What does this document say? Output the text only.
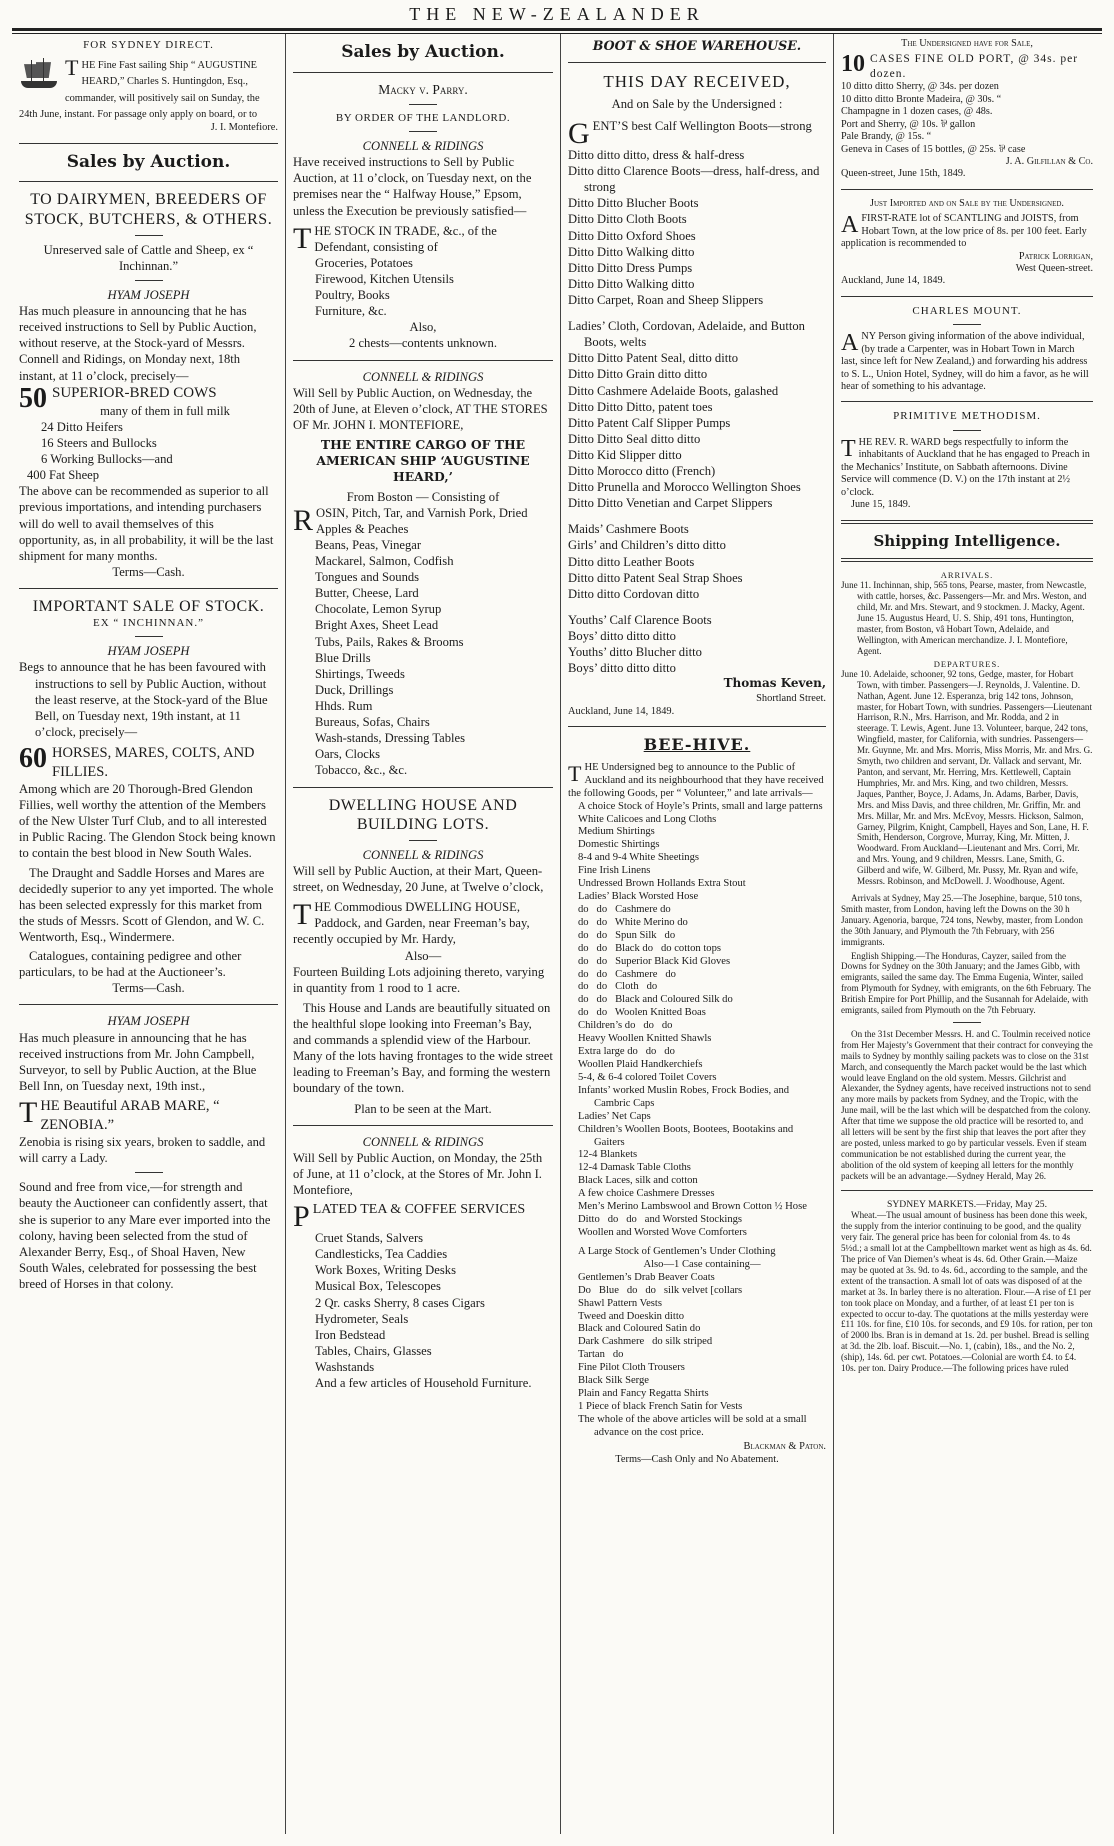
THE NEW-ZEALANDER

FOR SYDNEY DIRECT.

T HE Fine Fast sailing Ship “ AUGUSTINE HEARD,” Charles S. Huntingdon, Esq., commander, will positively sail on Sunday, the 24th June, instant. For passage only apply on board, or to

J. I. Montefiore.

Sales by Auction.

TO DAIRYMEN, BREEDERS OF STOCK, BUTCHERS, & OTHERS.

Unreserved sale of Cattle and Sheep, ex “ Inchinnan.”

HYAM JOSEPH

Has much pleasure in announcing that he has received instructions to Sell by Public Auction, without reserve, at the Stock-yard of Messrs. Connell and Ridings, on Monday next, 18th instant, at 11 o’clock, precisely—

50 SUPERIOR-BRED COWS

many of them in full milk

24 Ditto Heifers

16 Steers and Bullocks

6 Working Bullocks—and

400 Fat Sheep

The above can be recommended as superior to all previous importations, and intending purchasers will do well to avail themselves of this opportunity, as, in all probability, it will be the last shipment for many months.

Terms—Cash.

IMPORTANT SALE OF STOCK.

EX “ INCHINNAN.”

HYAM JOSEPH

Begs to announce that he has been favoured with instructions to sell by Public Auction, without the least reserve, at the Stock-yard of the Blue Bell, on Tuesday next, 19th instant, at 11 o’clock, precisely—

60 HORSES, MARES, COLTS, AND FILLIES.

Among which are 20 Thorough-Bred Glendon Fillies, well worthy the attention of the Members of the New Ulster Turf Club, and to all interested in Public Racing. The Glendon Stock being known to contain the best blood in New South Wales.

The Draught and Saddle Horses and Mares are decidedly superior to any yet imported. The whole has been selected expressly for this market from the studs of Messrs. Scott of Glendon, and W. C. Wentworth, Esq., Windermere.

Catalogues, containing pedigree and other particulars, to be had at the Auctioneer’s.

Terms—Cash.

HYAM JOSEPH

Has much pleasure in announcing that he has received instructions from Mr. John Campbell, Surveyor, to sell by Public Auction, at the Blue Bell Inn, on Tuesday next, 19th inst.,

T HE Beautiful ARAB MARE, “ ZENOBIA.”

Zenobia is rising six years, broken to saddle, and will carry a Lady.

Sound and free from vice,—for strength and beauty the Auctioneer can confidently assert, that she is superior to any Mare ever imported into the colony, having been selected from the stud of Alexander Berry, Esq., of Shoal Haven, New South Wales, celebrated for possessing the best breed of Horses in that colony.

Sales by Auction.

Macky v. Parry.

BY ORDER OF THE LANDLORD.

CONNELL & RIDINGS

Have received instructions to Sell by Public Auction, at 11 o’clock, on Tuesday next, on the premises near the “ Halfway House,” Epsom, unless the Execution be previously satisfied—

T HE STOCK IN TRADE, &c., of the Defendant, consisting of

Groceries, Potatoes

Firewood, Kitchen Utensils

Poultry, Books

Furniture, &c.

Also,

2 chests—contents unknown.

CONNELL & RIDINGS

Will Sell by Public Auction, on Wednesday, the 20th of June, at Eleven o’clock, AT THE STORES OF Mr. JOHN I. MONTEFIORE,

THE ENTIRE CARGO OF THE AMERICAN SHIP ‘AUGUSTINE HEARD,’

From Boston — Consisting of

R OSIN, Pitch, Tar, and Varnish Pork, Dried Apples & Peaches

Beans, Peas, Vinegar

Mackarel, Salmon, Codfish

Tongues and Sounds

Butter, Cheese, Lard

Chocolate, Lemon Syrup

Bright Axes, Sheet Lead

Tubs, Pails, Rakes & Brooms

Blue Drills

Shirtings, Tweeds

Duck, Drillings

Hhds. Rum

Bureaus, Sofas, Chairs

Wash-stands, Dressing Tables

Oars, Clocks

Tobacco, &c., &c.

DWELLING HOUSE AND BUILDING LOTS.

CONNELL & RIDINGS

Will sell by Public Auction, at their Mart, Queen-street, on Wednesday, 20 June, at Twelve o’clock,

T HE Commodious DWELLING HOUSE, Paddock, and Garden, near Freeman’s bay, recently occupied by Mr. Hardy,

Also—

Fourteen Building Lots adjoining thereto, varying in quantity from 1 rood to 1 acre.

This House and Lands are beautifully situated on the healthful slope looking into Freeman’s Bay, and commands a splendid view of the Harbour. Many of the lots having frontages to the wide street leading to Freeman’s Bay, and forming the western boundary of the town.

Plan to be seen at the Mart.

CONNELL & RIDINGS

Will Sell by Public Auction, on Monday, the 25th of June, at 11 o’clock, at the Stores of Mr. John I. Montefiore,

P LATED TEA & COFFEE SERVICES

Cruet Stands, Salvers

Candlesticks, Tea Caddies

Work Boxes, Writing Desks

Musical Box, Telescopes

2 Qr. casks Sherry, 8 cases Cigars

Hydrometer, Seals

Iron Bedstead

Tables, Chairs, Glasses

Washstands

And a few articles of Household Furniture.

BOOT & SHOE WAREHOUSE.

THIS DAY RECEIVED,

And on Sale by the Undersigned :

G ENT’S best Calf Wellington Boots—strong

Ditto ditto ditto, dress & half-dress

Ditto ditto Clarence Boots—dress, half-dress, and strong

Ditto Ditto Blucher Boots

Ditto Ditto Cloth Boots

Ditto Ditto Oxford Shoes

Ditto Ditto Walking ditto

Ditto Ditto Dress Pumps

Ditto Ditto Walking ditto

Ditto Carpet, Roan and Sheep Slippers

Ladies’ Cloth, Cordovan, Adelaide, and Button Boots, welts

Ditto Ditto Patent Seal, ditto ditto

Ditto Ditto Grain ditto ditto

Ditto Cashmere Adelaide Boots, galashed

Ditto Ditto Ditto, patent toes

Ditto Patent Calf Slipper Pumps

Ditto Ditto Seal ditto ditto

Ditto Kid Slipper ditto

Ditto Morocco ditto (French)

Ditto Prunella and Morocco Wellington Shoes

Ditto Ditto Venetian and Carpet Slippers

Maids’ Cashmere Boots

Girls’ and Children’s ditto ditto

Ditto ditto Leather Boots

Ditto ditto Patent Seal Strap Shoes

Ditto ditto Cordovan ditto

Youths’ Calf Clarence Boots

Boys’ ditto ditto ditto

Youths’ ditto Blucher ditto

Boys’ ditto ditto ditto

Thomas Keven,

Shortland Street.

Auckland, June 14, 1849.

BEE-HIVE.

T HE Undersigned beg to announce to the Public of Auckland and its neighbourhood that they have received the following Goods, per “ Volunteer,” and late arrivals—

A choice Stock of Hoyle’s Prints, small and large patterns

White Calicoes and Long Cloths

Medium Shirtings

Domestic Shirtings

8-4 and 9-4 White Sheetings

Fine Irish Linens

Undressed Brown Hollands Extra Stout

Ladies’ Black Worsted Hose

do   do   Cashmere do

do   do   White Merino do

do   do   Spun Silk   do

do   do   Black do   do cotton tops

do   do   Superior Black Kid Gloves

do   do   Cashmere   do

do   do   Cloth   do

do   do   Black and Coloured Silk do

do   do   Woolen Knitted Boas

Children’s do   do   do

Heavy Woollen Knitted Shawls

Extra large do   do   do

Woollen Plaid Handkerchiefs

5-4, & 6-4 colored Toilet Covers

Infants’ worked Muslin Robes, Frock Bodies, and Cambric Caps

Ladies’ Net Caps

Children’s Woollen Boots, Bootees, Bootakins and Gaiters

12-4 Blankets

12-4 Damask Table Cloths

Black Laces, silk and cotton

A few choice Cashmere Dresses

Men’s Merino Lambswool and Brown Cotton ½ Hose

Ditto   do   do   and Worsted Stockings

Woollen and Worsted Wove Comforters

A Large Stock of Gentlemen’s Under Clothing

Also—1 Case containing—

Gentlemen’s Drab Beaver Coats

Do   Blue   do   do   silk velvet [collars

Shawl Pattern Vests

Tweed and Doeskin ditto

Black and Coloured Satin do

Dark Cashmere   do silk striped

Tartan   do

Fine Pilot Cloth Trousers

Black Silk Serge

Plain and Fancy Regatta Shirts

1 Piece of black French Satin for Vests

The whole of the above articles will be sold at a small advance on the cost price.

Blackman & Paton.

Terms—Cash Only and No Abatement.

The Undersigned have for Sale,

10 CASES FINE OLD PORT, @ 34s. per dozen.

10 ditto ditto Sherry, @ 34s. per dozen

10 ditto ditto Bronte Madeira, @ 30s. “

Champagne in 1 dozen cases, @ 48s.

Port and Sherry, @ 10s. ⅌ gallon

Pale Brandy, @ 15s. “

Geneva in Cases of 15 bottles, @ 25s. ⅌ case

J. A. Gilfillan & Co.

Queen-street, June 15th, 1849.

Just Imported and on Sale by the Undersigned.

A FIRST-RATE lot of SCANTLING and JOISTS, from Hobart Town, at the low price of 8s. per 100 feet. Early application is recommended to

Patrick Lorrigan,

West Queen-street.

Auckland, June 14, 1849.

CHARLES MOUNT.

A NY Person giving information of the above individual, (by trade a Carpenter, was in Hobart Town in March last, since left for New Zealand,) and forwarding his address to S. L., Union Hotel, Sydney, will do him a favor, as he will hear of something to his advantage.

PRIMITIVE METHODISM.

T HE REV. R. WARD begs respectfully to inform the inhabitants of Auckland that he has engaged to Preach in the Mechanics’ Institute, on Sabbath afternoons. Divine Service will commence (D. V.) on the 17th instant at 2½ o’clock.

June 15, 1849.

Shipping Intelligence.

ARRIVALS.

June 11. Inchinnan, ship, 565 tons, Pearse, master, from Newcastle, with cattle, horses, &c. Passengers—Mr. and Mrs. Weston, and child, Mr. and Mrs. Stewart, and 9 stockmen. J. Macky, Agent. June 15. Augustus Heard, U. S. Ship, 491 tons, Huntington, master, from Boston, vâ Hobart Town, Adelaide, and Wellington, with American merchandize. J. I. Montefiore, Agent.

DEPARTURES.

June 10. Adelaide, schooner, 92 tons, Gedge, master, for Hobart Town, with timber. Passengers—J. Reynolds, J. Valentine. D. Nathan, Agent. June 12. Esperanza, brig 142 tons, Johnson, master, for Hobart Town, with sundries. Passengers—Lieutenant Harrison, R.N., Mrs. Harrison, and Mr. Rodda, and 2 in steerage. T. Lewis, Agent. June 13. Volunteer, barque, 242 tons, Wingfield, master, for California, with sundries. Passengers—Mr. Guynne, Mr. and Mrs. Morris, Miss Morris, Mr. and Mrs. G. Smyth, two children and servant, Dr. Vallack and servant, Mr. Panton, and servant, Mr. Herring, Mrs. Kettlewell, Captain Humphries, Mr. and Mrs. King, and two children, Messrs. Jaques, Panther, Boyce, J. Adams, Jn. Adams, Barber, Davis, Mrs. and Miss Davis, and three children, Mr. Griffin, Mr. and Mrs. Millar, Mr. and Mrs. McEvoy, Messrs. Hickson, Salmon, Garney, Pilgrim, Knight, Campbell, Hayes and Son, Lane, H. F. Smith, Henderson, Corgrove, Murray, King, Mr. Mitten, J. Woodward. From Auckland—Lieutenant and Mrs. Corri, Mr. and Mrs. Young, and 9 children, Messrs. Lane, Smith, G. Gilberd and wife, W. Gilberd, Mr. Pussy, Mr. Ryan and wife, Messrs. Robinson, and McDowell. J. Woodhouse, Agent.

Arrivals at Sydney, May 25.—The Josephine, barque, 510 tons, Smith master, from London, having left the Downs on the 30 h January. Agenoria, barque, 724 tons, Newby, master, from London the 30th January, and Plymouth the 7th February, with 256 immigrants.

English Shipping.—The Honduras, Cayzer, sailed from the Downs for Sydney on the 30th January; and the James Gibb, with emigrants, sailed the same day. The Emma Eugenia, Winter, sailed from Plymouth for Sydney, with emigrants, on the 6th February. The British Empire for Port Phillip, and the Susannah for Adelaide, with emigrants, sailed from Plymouth on the 7th February.

On the 31st December Messrs. H. and C. Toulmin received notice from Her Majesty’s Government that their contract for conveying the mails to Sydney by monthly sailing packets was to close on the 31st March, and consequently the March packet would be the last which would leave England on the old system. Messrs. Gilchrist and Alexander, the Sydney agents, have received instructions not to send any more mails by packets from Sydney, and the Tropic, with the June mail, will be the last which will be despatched from the colony. After that time we suppose the old practice will be resorted to, and all letters will be sent by the first ship that leaves the port after they are posted, unless marked to go by particular vessels. Even if steam communication be not established during the current year, the abolition of the old system of keeping all letters for the monthly packets will be an advantage.—Sydney Herald, May 26.

SYDNEY MARKETS.—Friday, May 25.

Wheat.—The usual amount of business has been done this week, the supply from the interior continuing to be good, and the quality very fair. The general price has been for colonial from 4s. to 4s 5½d.; a small lot at the Campbelltown market went as high as 4s. 6d. The price of Van Diemen’s wheat is 4s. 6d. Other Grain.—Maize may be quoted at 3s. 9d. to 4s. 6d., according to the sample, and the extent of the transaction. A small lot of oats was disposed of at the market at 3s. In barley there is no alteration. Flour.—A rise of £1 per ton took place on Monday, and a further, of at least £1 per ton is expected to occur to-day. The quotations at the mills yesterday were £11 10s. for fine, £10 10s. for seconds, and £9 10s. for ration, per ton of 2000 lbs. Bran is in demand at 1s. 2d. per bushel. Bread is selling at 3d. the 2lb. loaf. Biscuit.—No. 1, (cabin), 18s., and the No. 2, (ship), 14s. 6d. per cwt. Potatoes.—Colonial are worth £4. to £4. 10s. per ton. Dairy Produce.—The following prices have ruled
